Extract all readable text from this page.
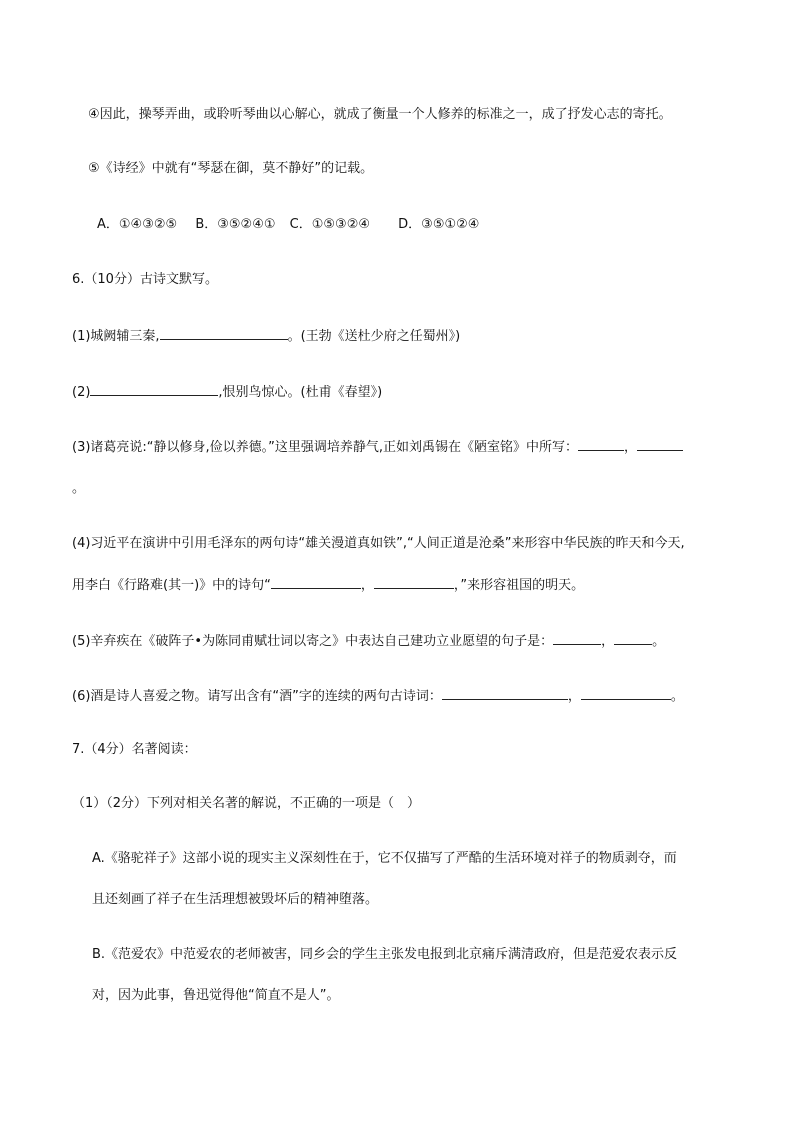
④因此，操琴弄曲，或聆听琴曲以心解心，就成了衡量一个人修养的标准之一，成了抒发心志的寄托。
⑤《诗经》中就有“琴瑟在御，莫不静好”的记载。
A．①④③②⑤ B．③⑤②④① C．①⑤③②④ D．③⑤①②④
6.（10分）古诗文默写。
(1)城阙辅三秦,	。(王勃《送杜少府之任蜀州》)
(2)	,恨别鸟惊心。(杜甫《春望》)
(3)诸葛亮说:“静以修身,俭以养德。”这里强调培养静气,正如刘禹锡在《陋室铭》中所写：	，
。
(4)习近平在演讲中引用毛泽东的两句诗“雄关漫道真如铁”,“人间正道是沧桑”来形容中华民族的昨天和今天,
用李白《行路难(其一)》中的诗句“	，	，”来形容祖国的明天。
(5)辛弃疾在《破阵子•为陈同甫赋壮词以寄之》中表达自己建功立业愿望的句子是：	，	。
(6)酒是诗人喜爱之物。请写出含有“酒”字的连续的两句古诗词：	，	。
7.（4分）名著阅读：
（1）（2分）下列对相关名著的解说，不正确的一项是（　）
A.《骆驼祥子》这部小说的现实主义深刻性在于，它不仅描写了严酷的生活环境对祥子的物质剥夺，而
且还刻画了祥子在生活理想被毁坏后的精神堕落。
B.《范爱农》中范爱农的老师被害，同乡会的学生主张发电报到北京痛斥满清政府，但是范爱农表示反
对，因为此事，鲁迅觉得他“简直不是人”。
